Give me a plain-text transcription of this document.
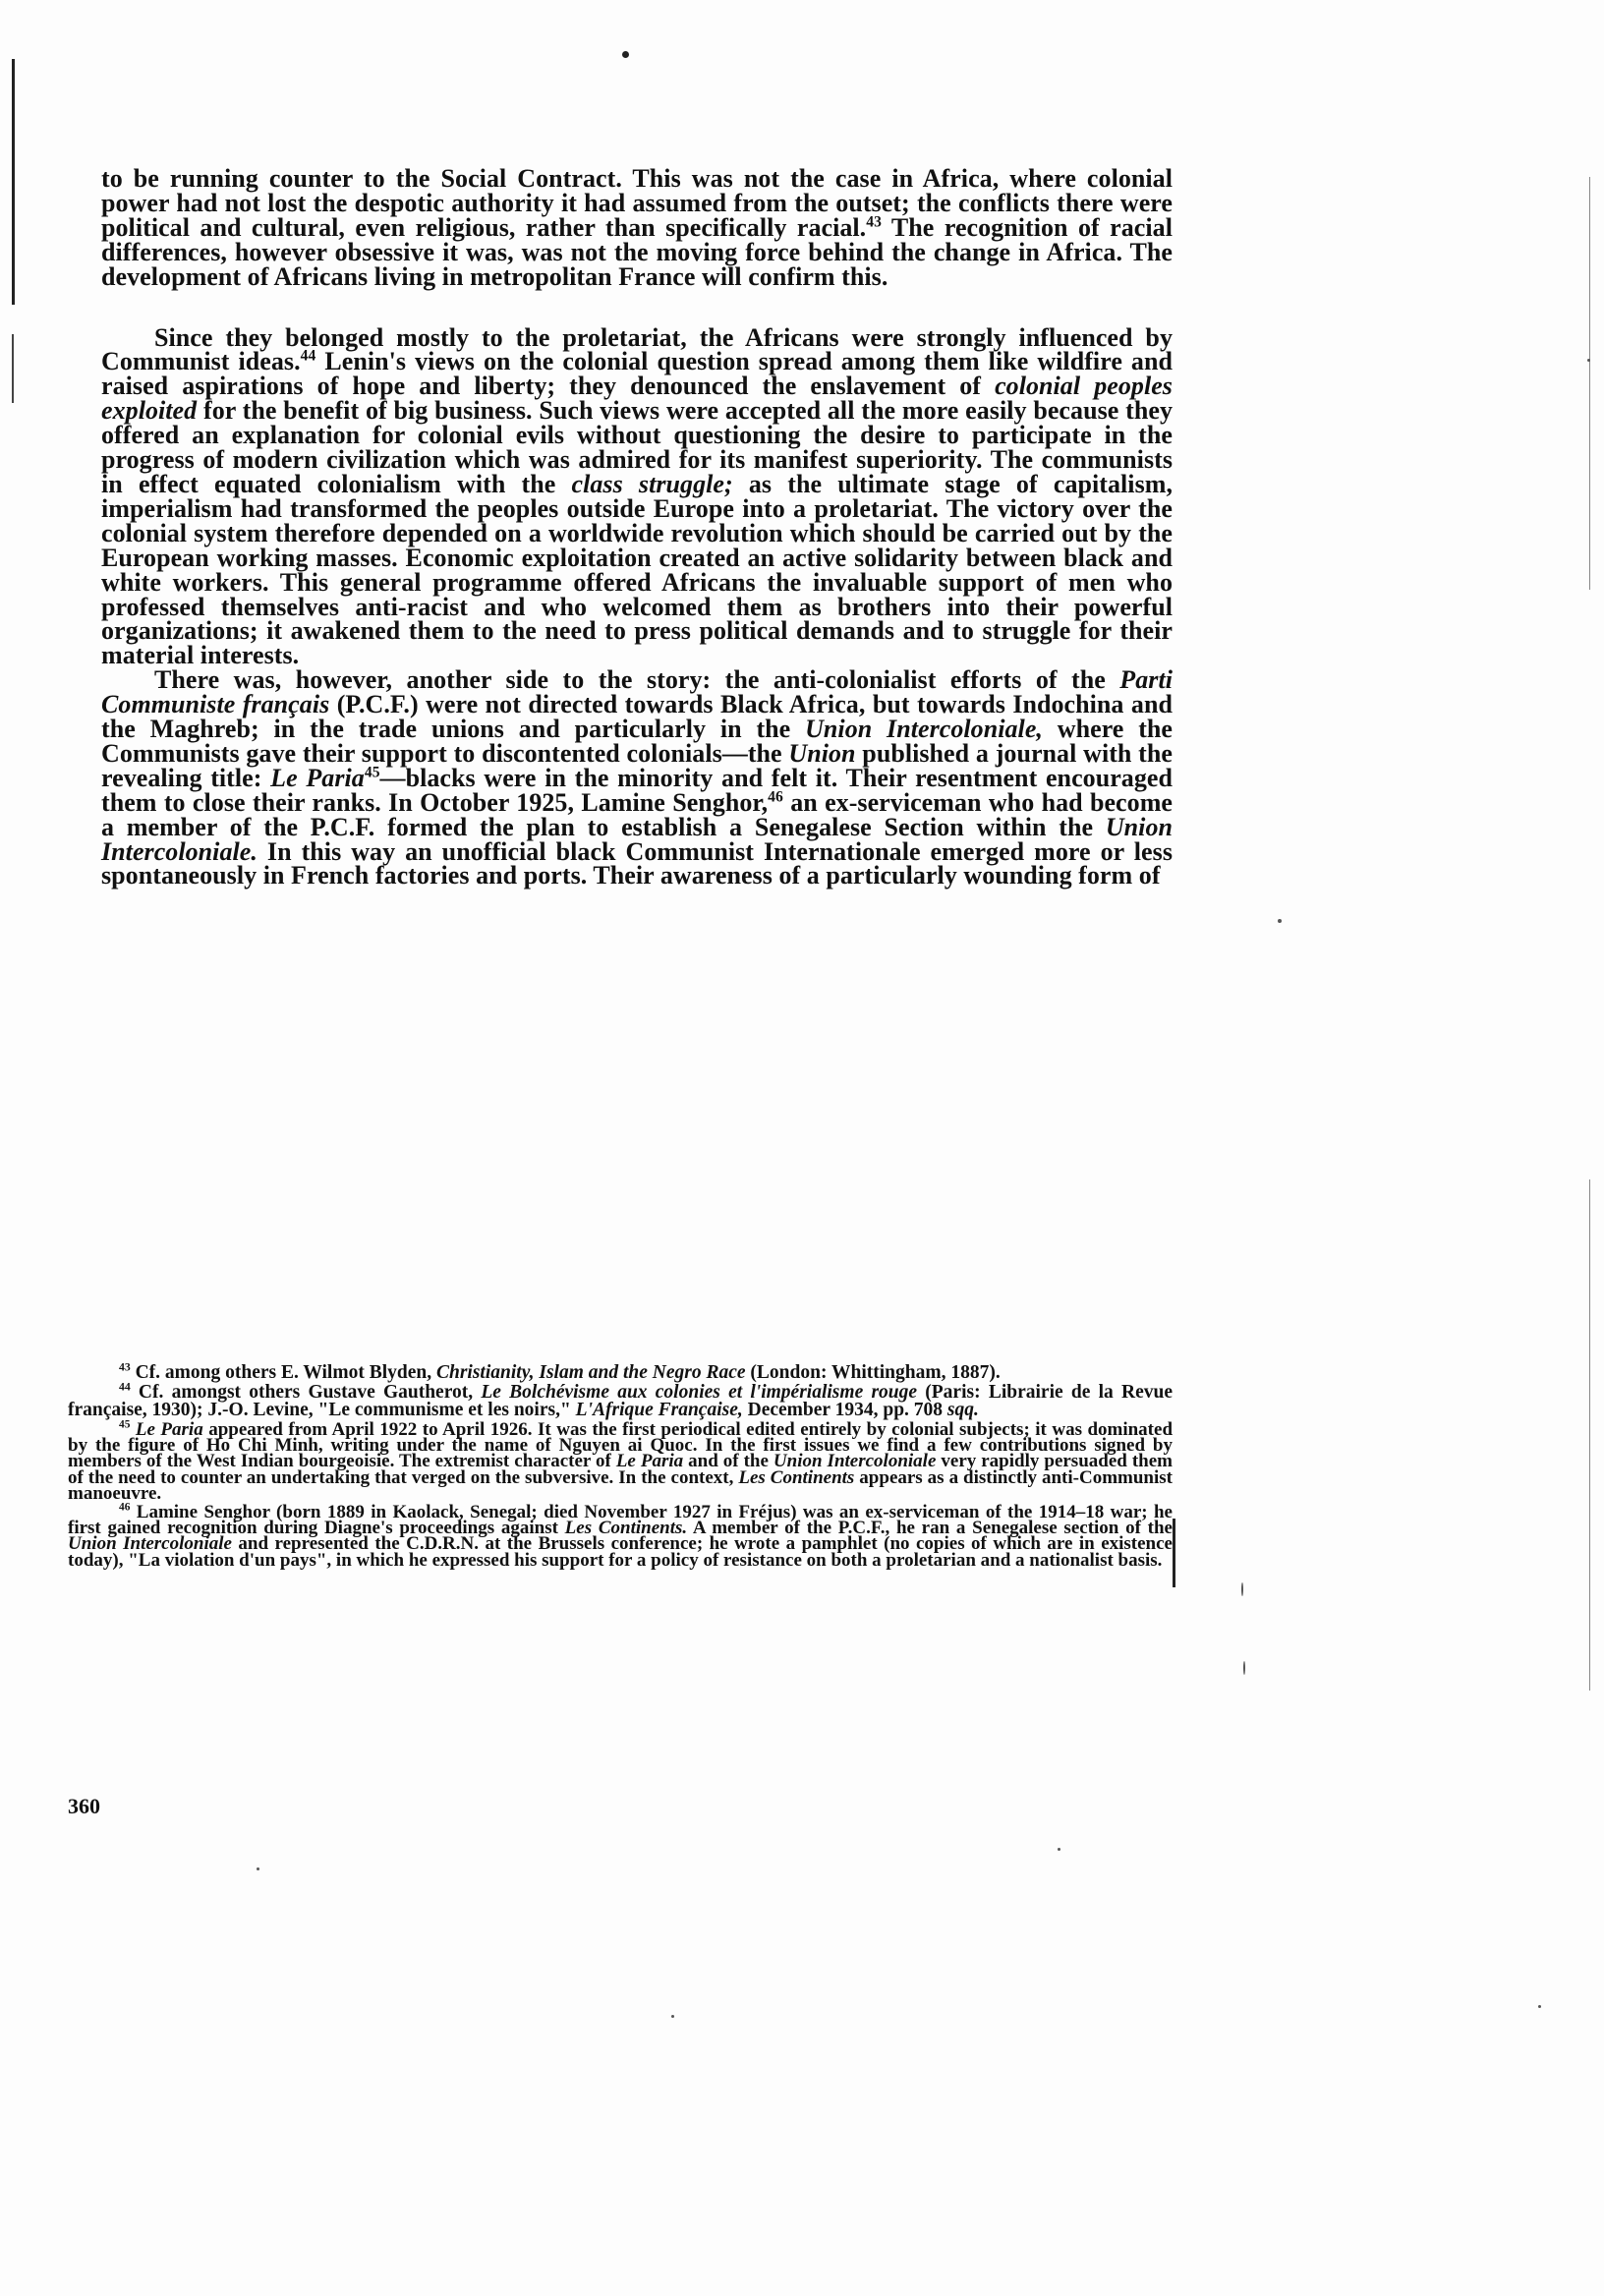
to be running counter to the Social Contract. This was not the case in Africa, where colonial power had not lost the despotic authority it had assumed from the outset; the conflicts there were political and cultural, even religious, rather than specifically racial.$^{43}$ The recognition of racial differences, however obsessive it was, was not the moving force behind the change in Africa. The development of Africans living in metropolitan France will confirm this.

Since they belonged mostly to the proletariat, the Africans were strongly influenced by Communist ideas.$^{44}$ Lenin's views on the colonial question spread among them like wildfire and raised aspirations of hope and liberty; they denounced the enslavement of colonial peoples exploited for the benefit of big business. Such views were accepted all the more easily because they offered an explanation for colonial evils without questioning the desire to participate in the progress of modern civilization which was admired for its manifest superiority. The communists in effect equated colonialism with the class struggle; as the ultimate stage of capitalism, imperialism had transformed the peoples outside Europe into a proletariat. The victory over the colonial system therefore depended on a worldwide revolution which should be carried out by the European working masses. Economic exploitation created an active solidarity between black and white workers. This general programme offered Africans the invaluable support of men who professed themselves anti-racist and who welcomed them as brothers into their powerful organizations; it awakened them to the need to press political demands and to struggle for their material interests.

There was, however, another side to the story: the anti-colonialist efforts of the Parti Communiste français (P.C.F.) were not directed towards Black Africa, but towards Indochina and the Maghreb; in the trade unions and particularly in the Union Intercoloniale, where the Communists gave their support to discontented colonials—the Union published a journal with the revealing title: Le Paria$^{45}$—blacks were in the minority and felt it. Their resentment encouraged them to close their ranks. In October 1925, Lamine Senghor,$^{46}$ an ex-serviceman who had become a member of the P.C.F. formed the plan to establish a Senegalese Section within the Union Intercoloniale. In this way an unofficial black Communist Internationale emerged more or less spontaneously in French factories and ports. Their awareness of a particularly wounding form of

$^{43}$ Cf. among others E. Wilmot Blyden, Christianity, Islam and the Negro Race (London: Whittingham, 1887).

$^{44}$ Cf. amongst others Gustave Gautherot, Le Bolchévisme aux colonies et l'impérialisme rouge (Paris: Librairie de la Revue française, 1930); J.-O. Levine, "Le communisme et les noirs," L'Afrique Française, December 1934, pp. 708 sqq.

$^{45}$ Le Paria appeared from April 1922 to April 1926. It was the first periodical edited entirely by colonial subjects; it was dominated by the figure of Ho Chi Minh, writing under the name of Nguyen ai Quoc. In the first issues we find a few contributions signed by members of the West Indian bourgeoisie. The extremist character of Le Paria and of the Union Intercoloniale very rapidly persuaded them of the need to counter an undertaking that verged on the subversive. In the context, Les Continents appears as a distinctly anti-Communist manoeuvre.

$^{46}$ Lamine Senghor (born 1889 in Kaolack, Senegal; died November 1927 in Fréjus) was an ex-serviceman of the 1914–18 war; he first gained recognition during Diagne's proceedings against Les Continents. A member of the P.C.F., he ran a Senegalese section of the Union Intercoloniale and represented the C.D.R.N. at the Brussels conference; he wrote a pamphlet (no copies of which are in existence today), "La violation d'un pays", in which he expressed his support for a policy of resistance on both a proletarian and a nationalist basis.

360
